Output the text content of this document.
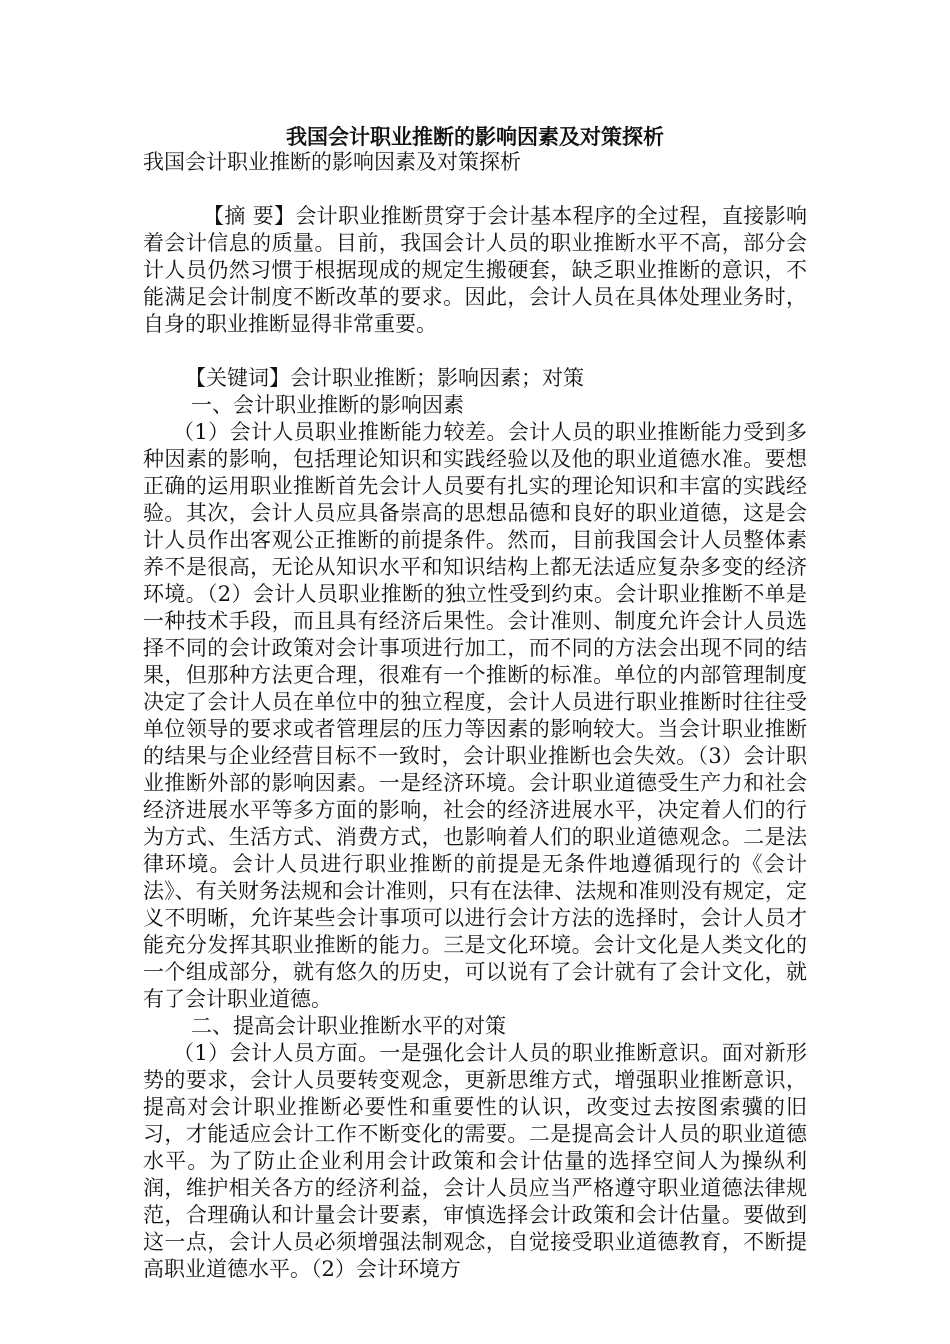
我国会计职业推断的影响因素及对策探析

我国会计职业推断的影响因素及对策探析

【摘 要】会计职业推断贯穿于会计基本程序的全过程，直接影响着会计信息的质量。目前，我国会计人员的职业推断水平不高，部分会计人员仍然习惯于根据现成的规定生搬硬套，缺乏职业推断的意识，不能满足会计制度不断改革的要求。因此，会计人员在具体处理业务时，自身的职业推断显得非常重要。

【关键词】会计职业推断；影响因素；对策

一、会计职业推断的影响因素

（1）会计人员职业推断能力较差。会计人员的职业推断能力受到多种因素的影响，包括理论知识和实践经验以及他的职业道德水准。要想正确的运用职业推断首先会计人员要有扎实的理论知识和丰富的实践经验。其次，会计人员应具备崇高的思想品德和良好的职业道德，这是会计人员作出客观公正推断的前提条件。然而，目前我国会计人员整体素养不是很高，无论从知识水平和知识结构上都无法适应复杂多变的经济环境。（2）会计人员职业推断的独立性受到约束。会计职业推断不单是一种技术手段，而且具有经济后果性。会计准则、制度允许会计人员选择不同的会计政策对会计事项进行加工，而不同的方法会出现不同的结果，但那种方法更合理，很难有一个推断的标准。单位的内部管理制度决定了会计人员在单位中的独立程度，会计人员进行职业推断时往往受单位领导的要求或者管理层的压力等因素的影响较大。当会计职业推断的结果与企业经营目标不一致时，会计职业推断也会失效。（3）会计职业推断外部的影响因素。一是经济环境。会计职业道德受生产力和社会经济进展水平等多方面的影响，社会的经济进展水平，决定着人们的行为方式、生活方式、消费方式，也影响着人们的职业道德观念。二是法律环境。会计人员进行职业推断的前提是无条件地遵循现行的《会计法》、有关财务法规和会计准则，只有在法律、法规和准则没有规定，定义不明晰，允许某些会计事项可以进行会计方法的选择时，会计人员才能充分发挥其职业推断的能力。三是文化环境。会计文化是人类文化的一个组成部分，就有悠久的历史，可以说有了会计就有了会计文化，就有了会计职业道德。

二、提高会计职业推断水平的对策

（1）会计人员方面。一是强化会计人员的职业推断意识。面对新形势的要求，会计人员要转变观念，更新思维方式，增强职业推断意识，提高对会计职业推断必要性和重要性的认识，改变过去按图索骥的旧习，才能适应会计工作不断变化的需要。二是提高会计人员的职业道德水平。为了防止企业利用会计政策和会计估量的选择空间人为操纵利润，维护相关各方的经济利益，会计人员应当严格遵守职业道德法律规范，合理确认和计量会计要素，审慎选择会计政策和会计估量。要做到这一点，会计人员必须增强法制观念，自觉接受职业道德教育，不断提高职业道德水平。（2）会计环境方
